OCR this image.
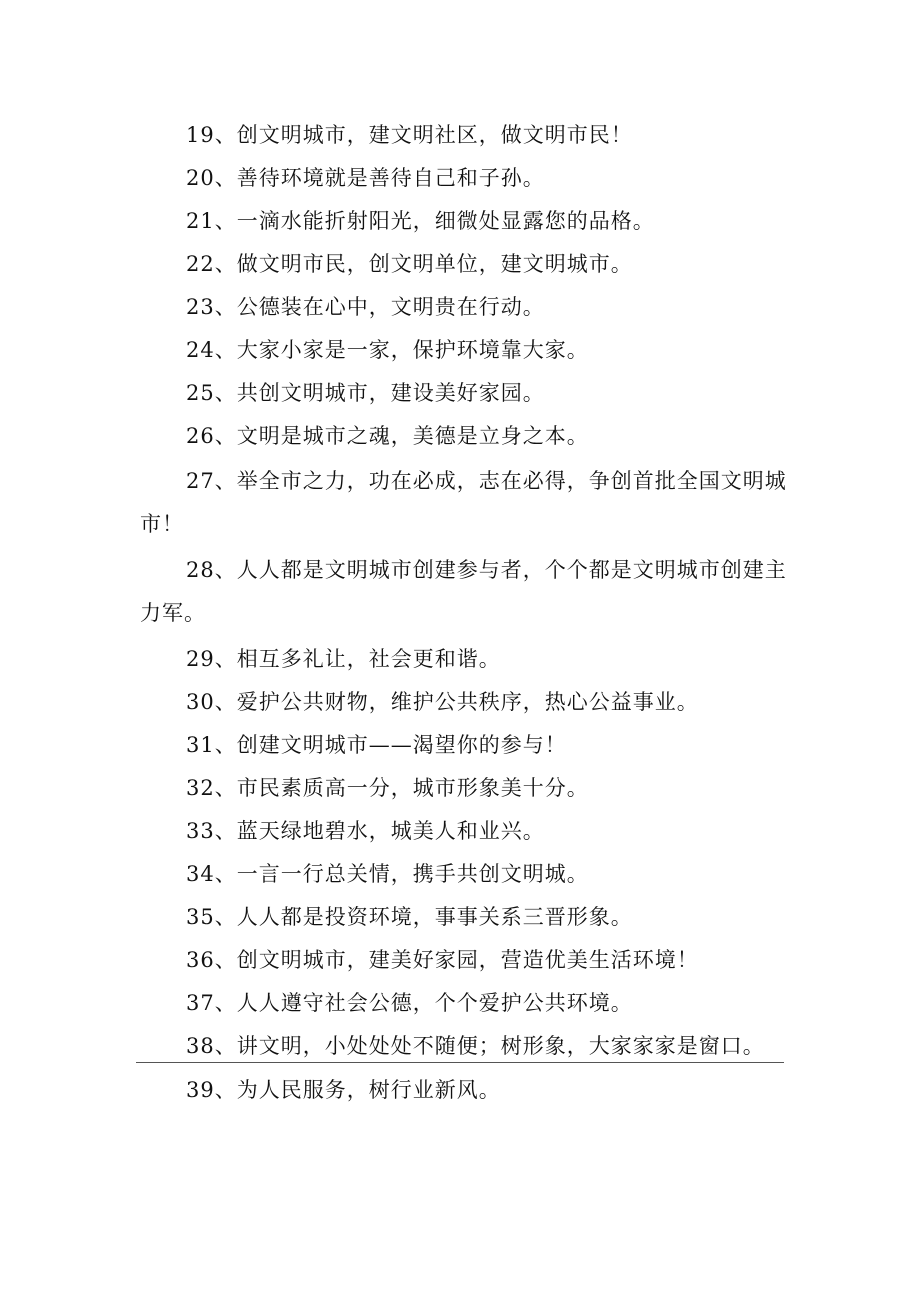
19、创文明城市，建文明社区，做文明市民！
20、善待环境就是善待自己和子孙。
21、一滴水能折射阳光，细微处显露您的品格。
22、做文明市民，创文明单位，建文明城市。
23、公德装在心中，文明贵在行动。
24、大家小家是一家，保护环境靠大家。
25、共创文明城市，建设美好家园。
26、文明是城市之魂，美德是立身之本。
27、举全市之力，功在必成，志在必得，争创首批全国文明城市！
28、人人都是文明城市创建参与者，个个都是文明城市创建主力军。
29、相互多礼让，社会更和谐。
30、爱护公共财物，维护公共秩序，热心公益事业。
31、创建文明城市——渴望你的参与！
32、市民素质高一分，城市形象美十分。
33、蓝天绿地碧水，城美人和业兴。
34、一言一行总关情，携手共创文明城。
35、人人都是投资环境，事事关系三晋形象。
36、创文明城市，建美好家园，营造优美生活环境！
37、人人遵守社会公德，个个爱护公共环境。
38、讲文明，小处处处不随便；树形象，大家家家是窗口。
39、为人民服务，树行业新风。
